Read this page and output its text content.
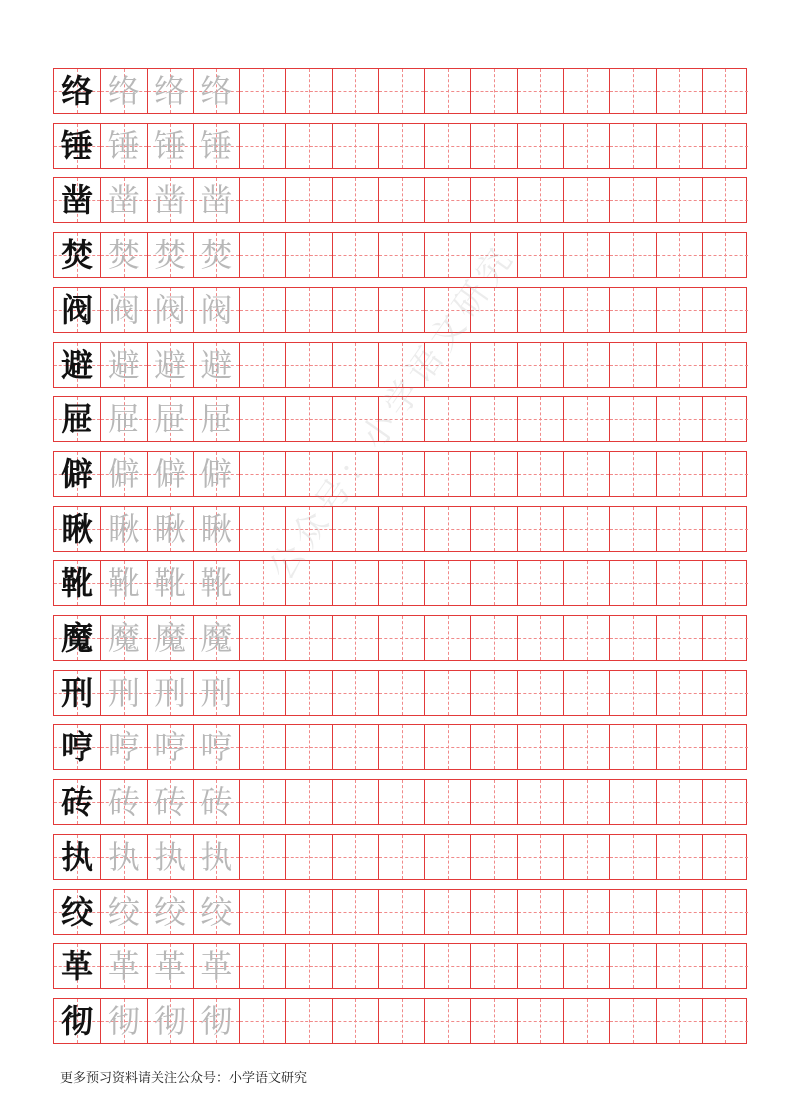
络 络 络 络
锤 锤 锤 锤
凿 凿 凿 凿
焚 焚 焚 焚
阀 阀 阀 阀
避 避 避 避
屉 屉 屉 屉
僻 僻 僻 僻
瞅 瞅 瞅 瞅
靴 靴 靴 靴
魔 魔 魔 魔
刑 刑 刑 刑
哼 哼 哼 哼
砖 砖 砖 砖
执 执 执 执
绞 绞 绞 绞
革 革 革 革
彻 彻 彻 彻
公众号：小学语文研究
更多预习资料请关注公众号：小学语文研究
